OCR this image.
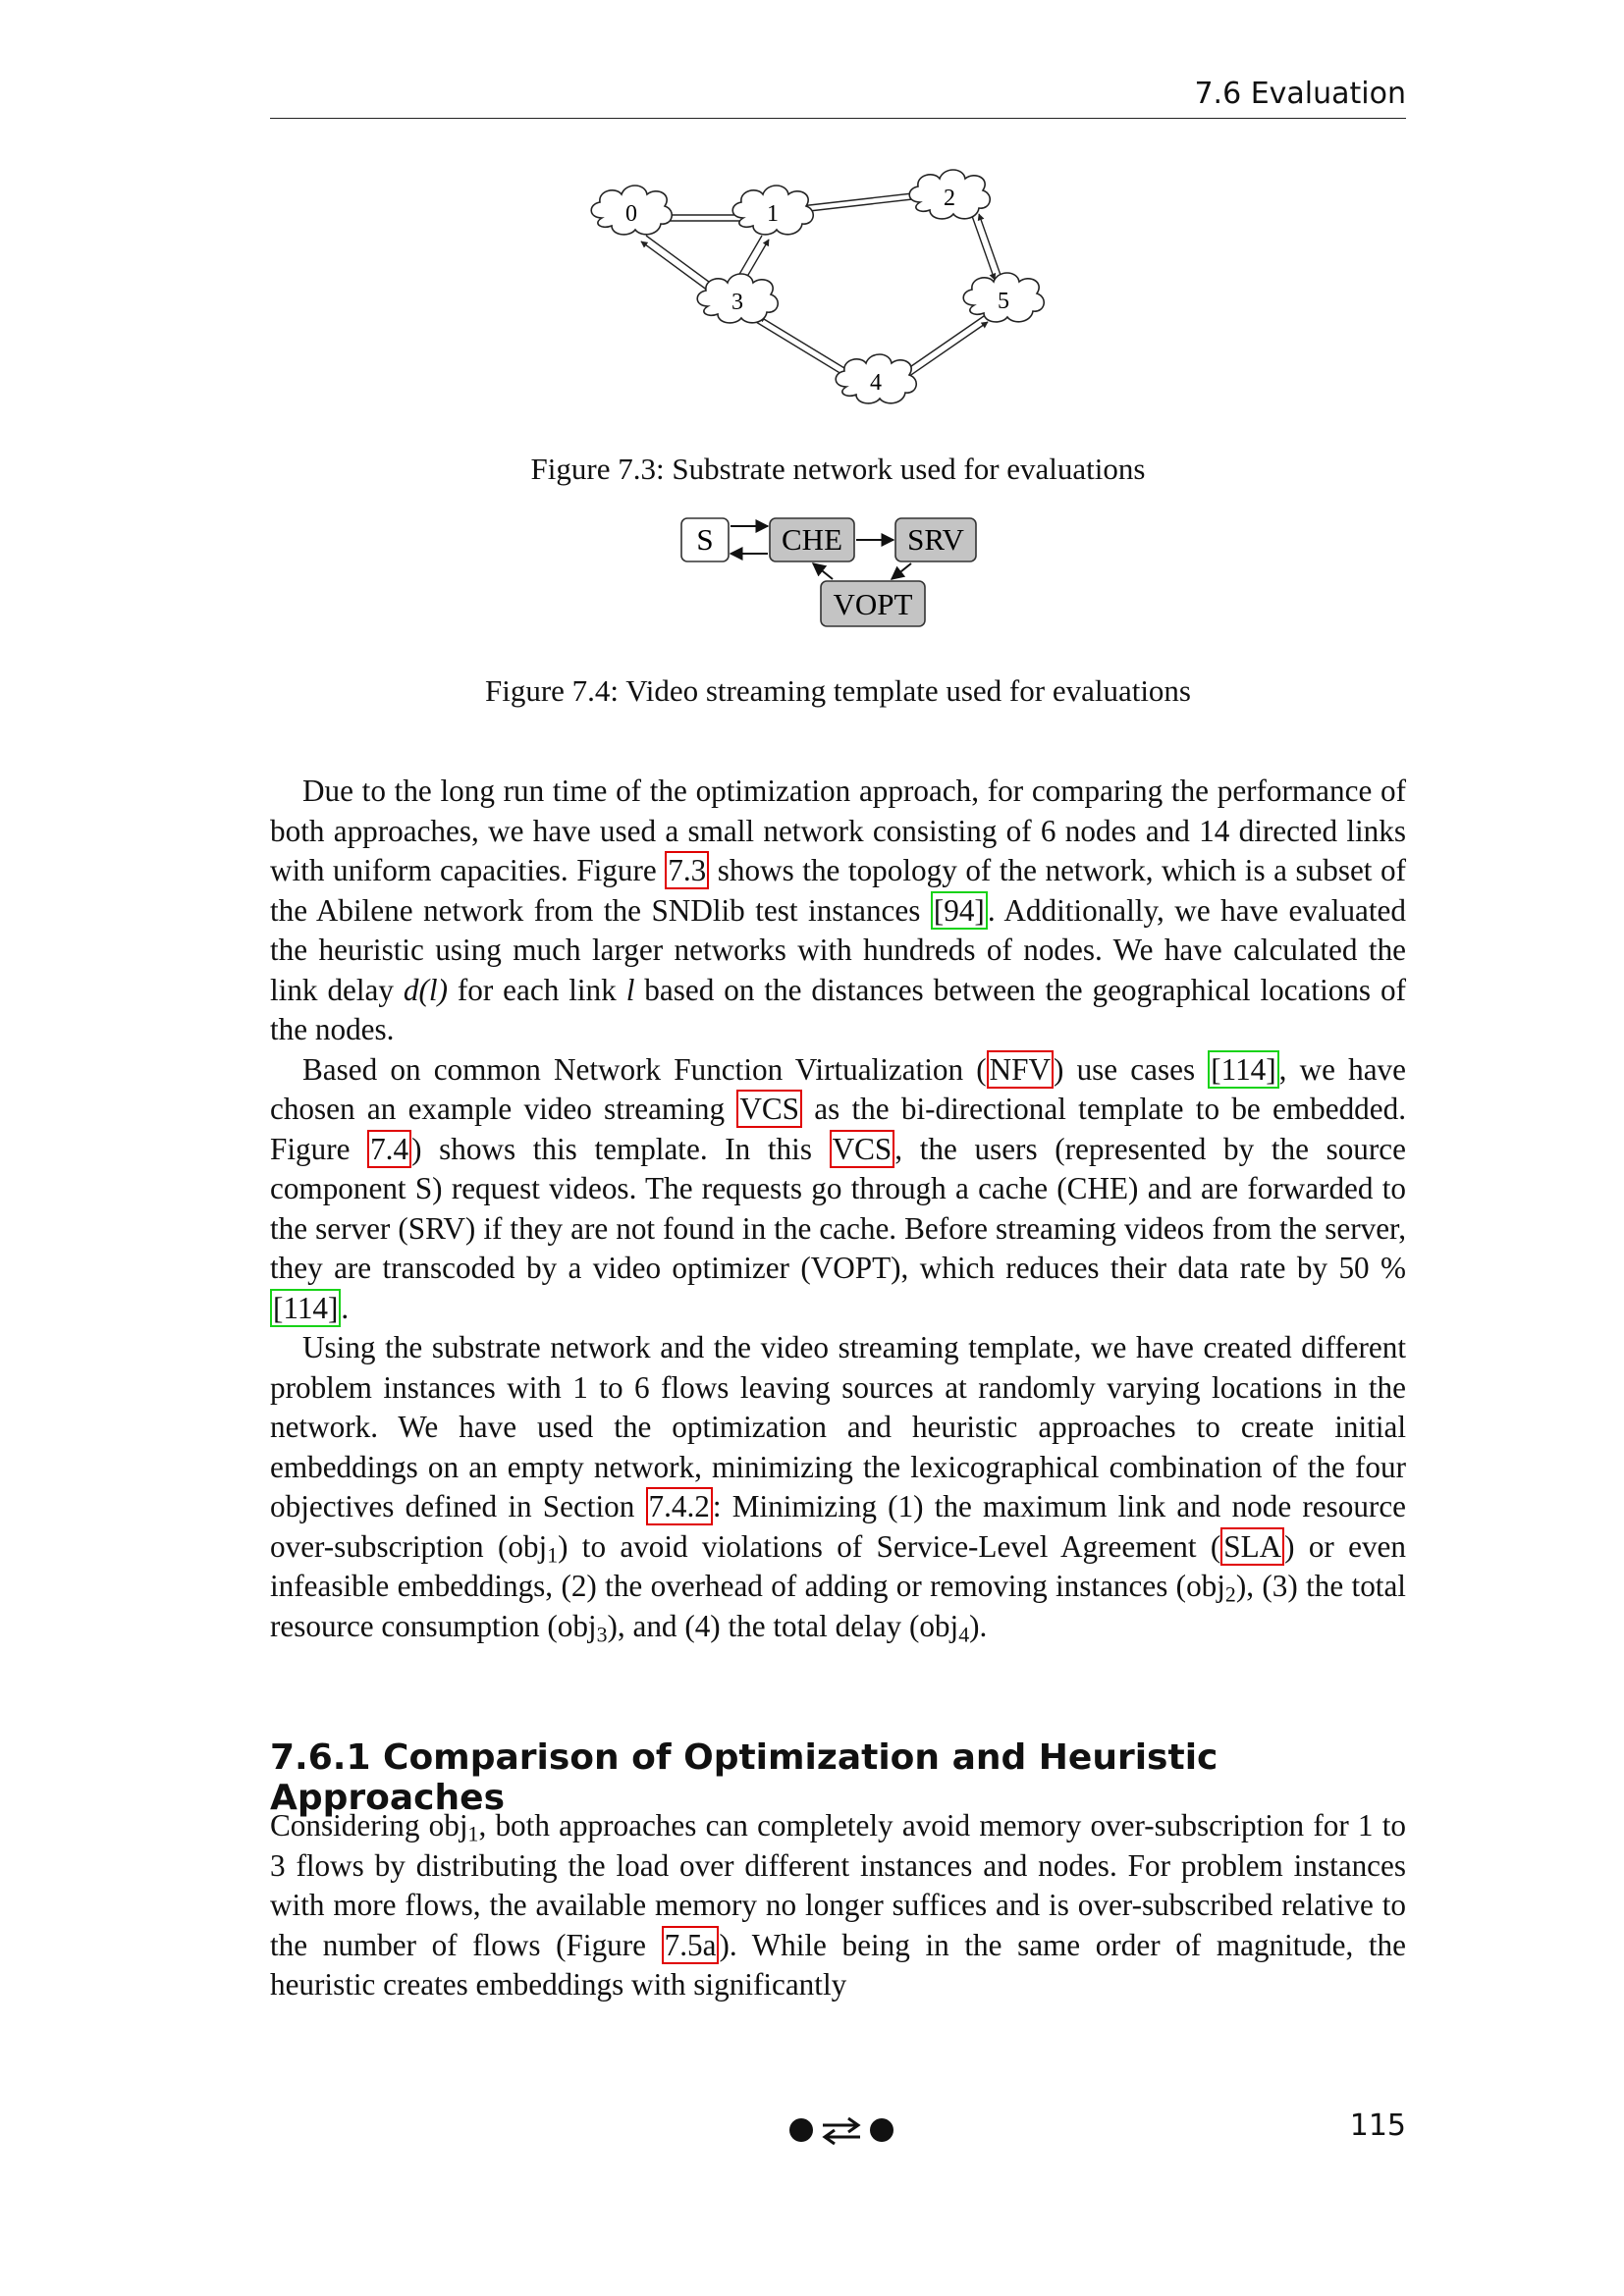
7.6 Evaluation
0	1
2
3	5
4
Figure 7.3: Substrate network used for evaluations
S CHE SRV
VOPT
Figure 7.4: Video streaming template used for evaluations

Due to the long run time of the optimization approach, for comparing the performance of both approaches, we have used a small network consisting of 6 nodes and 14 directed links with uniform capacities. Figure 7.3 shows the topology of the network, which is a subset of the Abilene network from the SNDlib test instances [94]. Additionally, we have evaluated the heuristic using much larger networks with hundreds of nodes. We have calculated the link delay d(l) for each link l based on the distances between the geographical locations of the nodes.

Based on common Network Function Virtualization (NFV) use cases [114], we have chosen an example video streaming VCS as the bi-directional template to be embedded. Figure 7.4) shows this template. In this VCS, the users (represented by the source component S) request videos. The requests go through a cache (CHE) and are forwarded to the server (SRV) if they are not found in the cache. Before streaming videos from the server, they are transcoded by a video optimizer (VOPT), which reduces their data rate by 50 % [114].

Using the substrate network and the video streaming template, we have created different problem instances with 1 to 6 flows leaving sources at randomly varying locations in the network. We have used the optimization and heuristic approaches to create initial embeddings on an empty network, minimizing the lexicographical combination of the four objectives defined in Section 7.4.2: Minimizing (1) the maximum link and node resource over-subscription (obj$_1$) to avoid violations of Service-Level Agreement (SLA) or even infeasible embeddings, (2) the overhead of adding or removing instances (obj$_2$), (3) the total resource consumption (obj$_3$), and (4) the total delay (obj$_4$).

7.6.1 Comparison of Optimization and Heuristic Approaches

Considering obj$_1$, both approaches can completely avoid memory over-subscription for 1 to 3 flows by distributing the load over different instances and nodes. For problem instances with more flows, the available memory no longer suffices and is over-subscribed relative to the number of flows (Figure 7.5a). While being in the same order of magnitude, the heuristic creates embeddings with significantly

115
